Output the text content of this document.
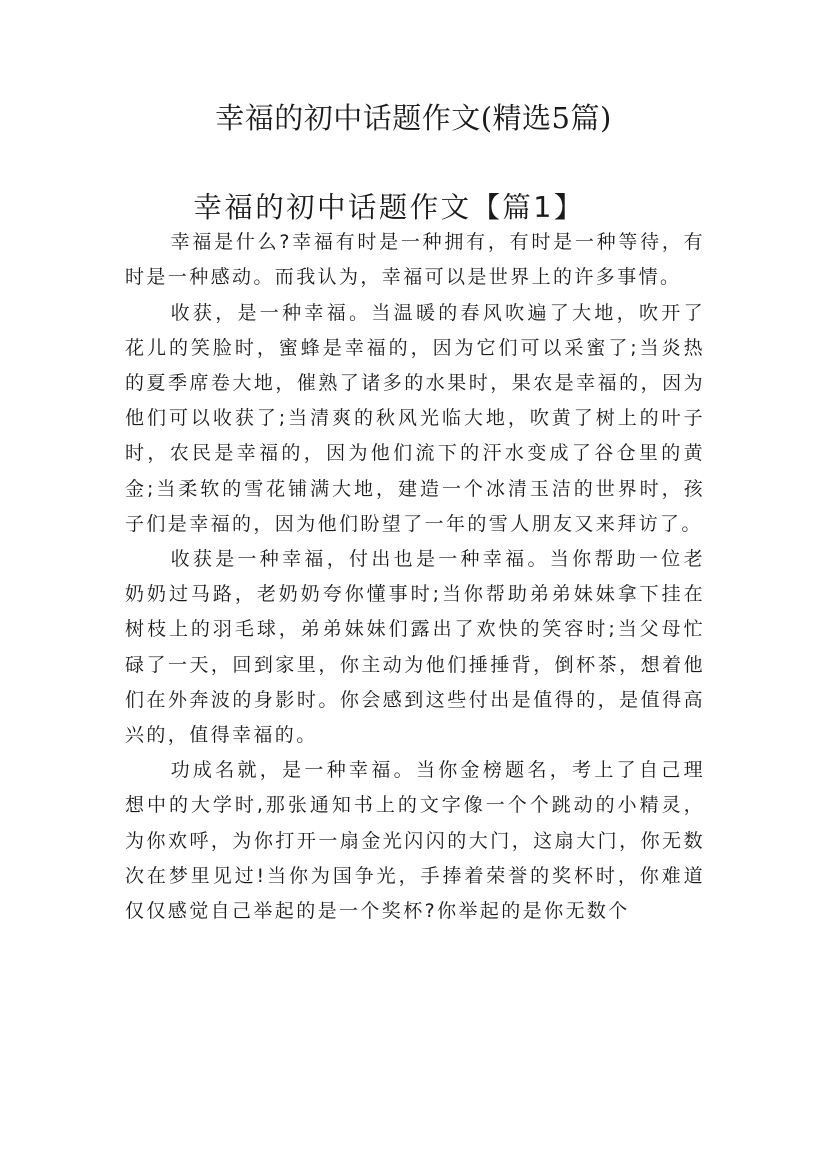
幸福的初中话题作文(精选5篇)
幸福的初中话题作文【篇1】

幸福是什么?幸福有时是一种拥有，有时是一种等待，有时是一种感动。而我认为，幸福可以是世界上的许多事情。

收获，是一种幸福。当温暖的春风吹遍了大地，吹开了花儿的笑脸时，蜜蜂是幸福的，因为它们可以采蜜了;当炎热的夏季席卷大地，催熟了诸多的水果时，果农是幸福的，因为他们可以收获了;当清爽的秋风光临大地，吹黄了树上的叶子时，农民是幸福的，因为他们流下的汗水变成了谷仓里的黄金;当柔软的雪花铺满大地，建造一个冰清玉洁的世界时，孩子们是幸福的，因为他们盼望了一年的雪人朋友又来拜访了。

收获是一种幸福，付出也是一种幸福。当你帮助一位老奶奶过马路，老奶奶夸你懂事时;当你帮助弟弟妹妹拿下挂在树枝上的羽毛球，弟弟妹妹们露出了欢快的笑容时;当父母忙碌了一天，回到家里，你主动为他们捶捶背，倒杯茶，想着他们在外奔波的身影时。你会感到这些付出是值得的，是值得高兴的，值得幸福的。

功成名就，是一种幸福。当你金榜题名，考上了自己理想中的大学时,那张通知书上的文字像一个个跳动的小精灵，为你欢呼，为你打开一扇金光闪闪的大门，这扇大门，你无数次在梦里见过!当你为国争光，手捧着荣誉的奖杯时，你难道仅仅感觉自己举起的是一个奖杯?你举起的是你无数个
